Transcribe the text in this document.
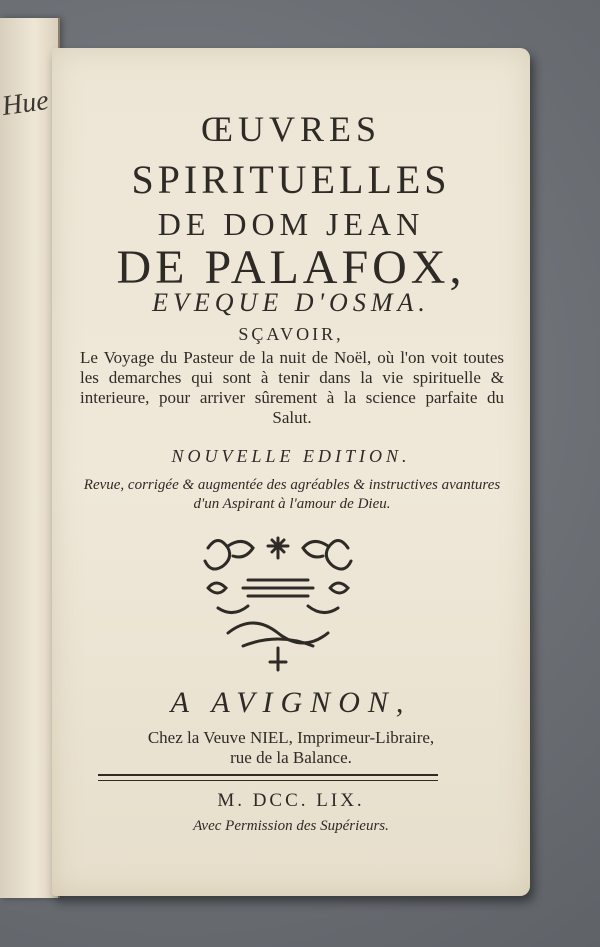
Hue
ŒUVRES
SPIRITUELLES
DE DOM JEAN
DE PALAFOX,
EVEQUE D'OSMA.
SÇAVOIR,
Le Voyage du Pasteur de la nuit de Noël, où l'on voit toutes les demarches qui sont à tenir dans la vie spirituelle & interieure, pour arriver sûrement à la science parfaite du Salut.
NOUVELLE EDITION.
Revue, corrigée & augmentée des agréables & instructives avantures d'un Aspirant à l'amour de Dieu.
A AVIGNON,
Chez la Veuve NIEL, Imprimeur-Libraire,
rue de la Balance.
M. DCC. LIX.
Avec Permission des Supérieurs.
